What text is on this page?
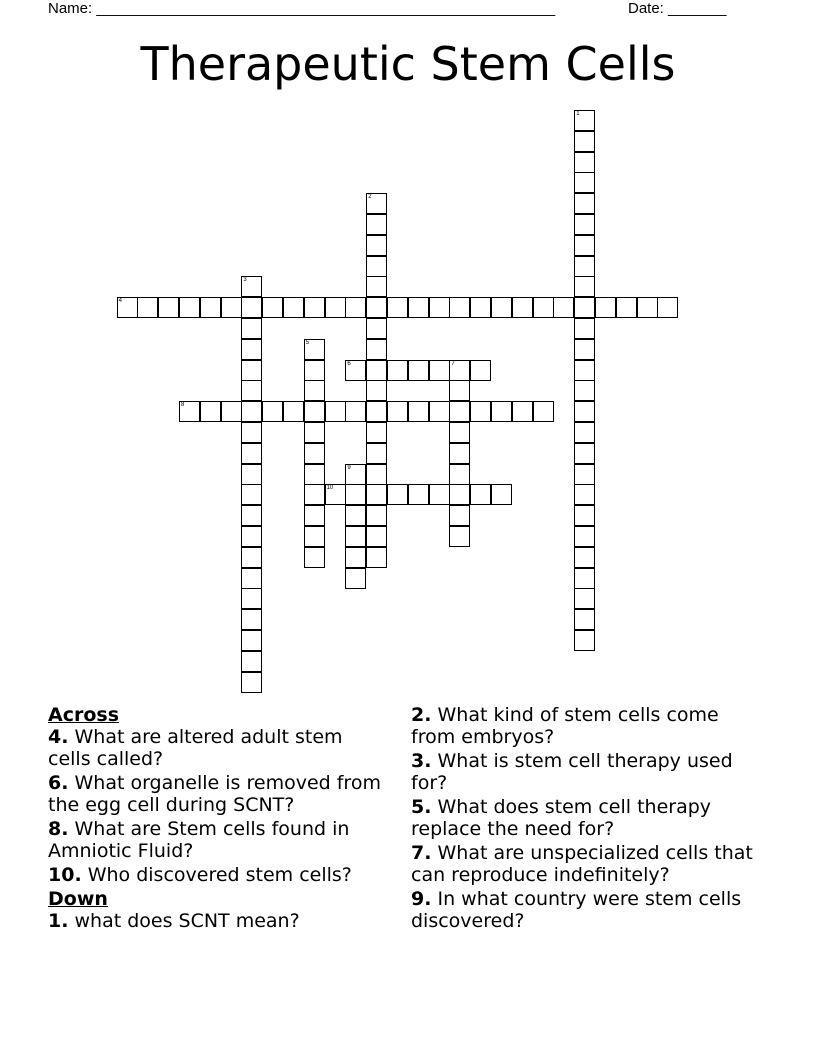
Name: _______________________________________________________	Date: _______
Therapeutic Stem Cells
1
2
3
4
5
6	7
8
9
10

Across

4. What are altered adult stem cells called?

6. What organelle is removed from the egg cell during SCNT?

8. What are Stem cells found in Amniotic Fluid?

10. Who discovered stem cells?

Down

1. what does SCNT mean?

2. What kind of stem cells come from embryos?

3. What is stem cell therapy used for?

5. What does stem cell therapy replace the need for?

7. What are unspecialized cells that can reproduce indefinitely?

9. In what country were stem cells discovered?
